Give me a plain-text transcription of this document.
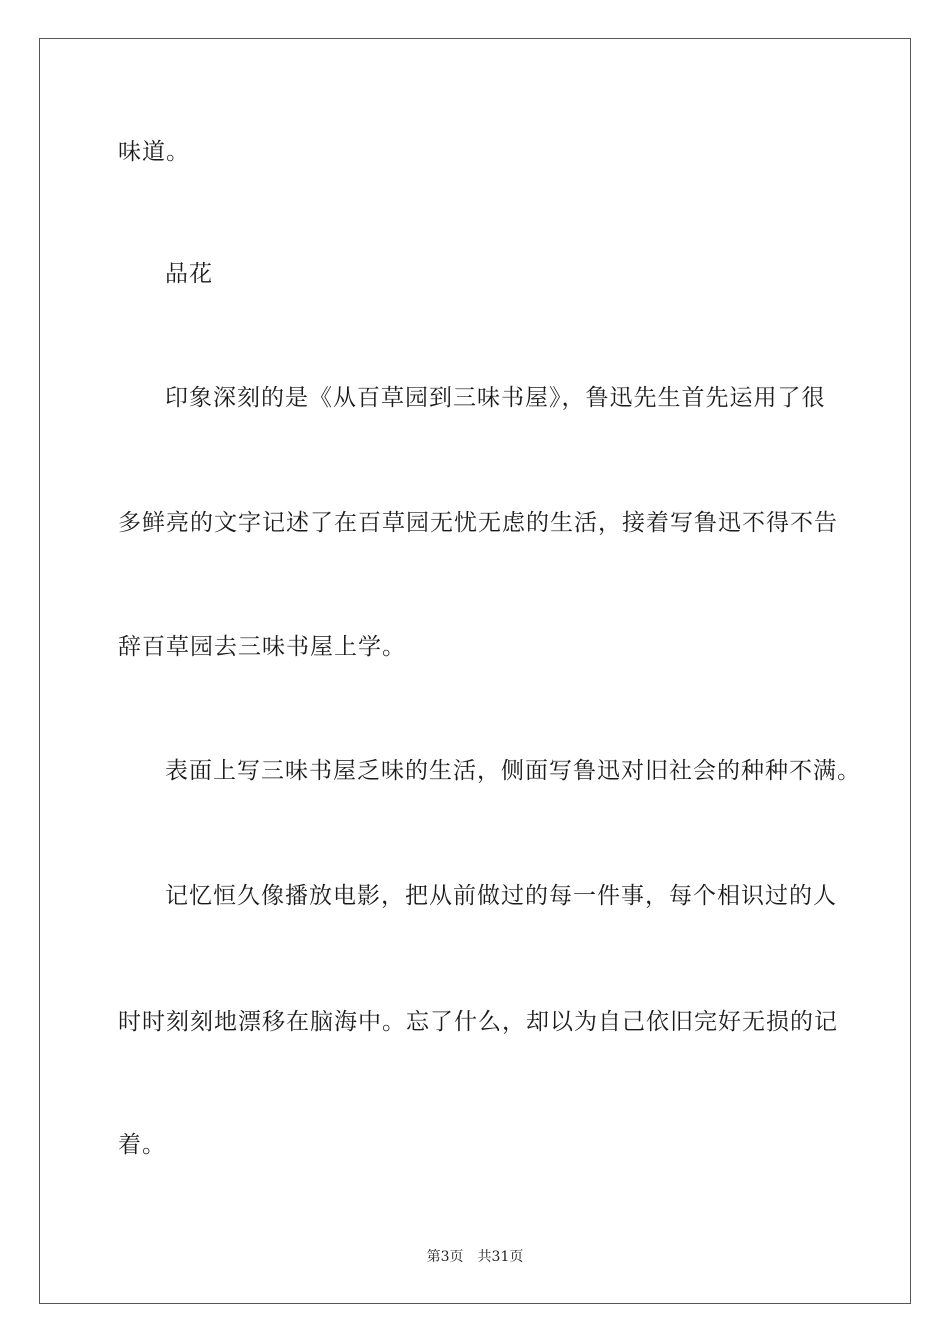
味道。
品花
印象深刻的是《从百草园到三味书屋》，鲁迅先生首先运用了很
多鲜亮的文字记述了在百草园无忧无虑的生活，接着写鲁迅不得不告
辞百草园去三味书屋上学。
表面上写三味书屋乏味的生活，侧面写鲁迅对旧社会的种种不满。
记忆恒久像播放电影，把从前做过的每一件事，每个相识过的人
时时刻刻地漂移在脑海中。忘了什么，却以为自己依旧完好无损的记
着。
第3页 共31页
